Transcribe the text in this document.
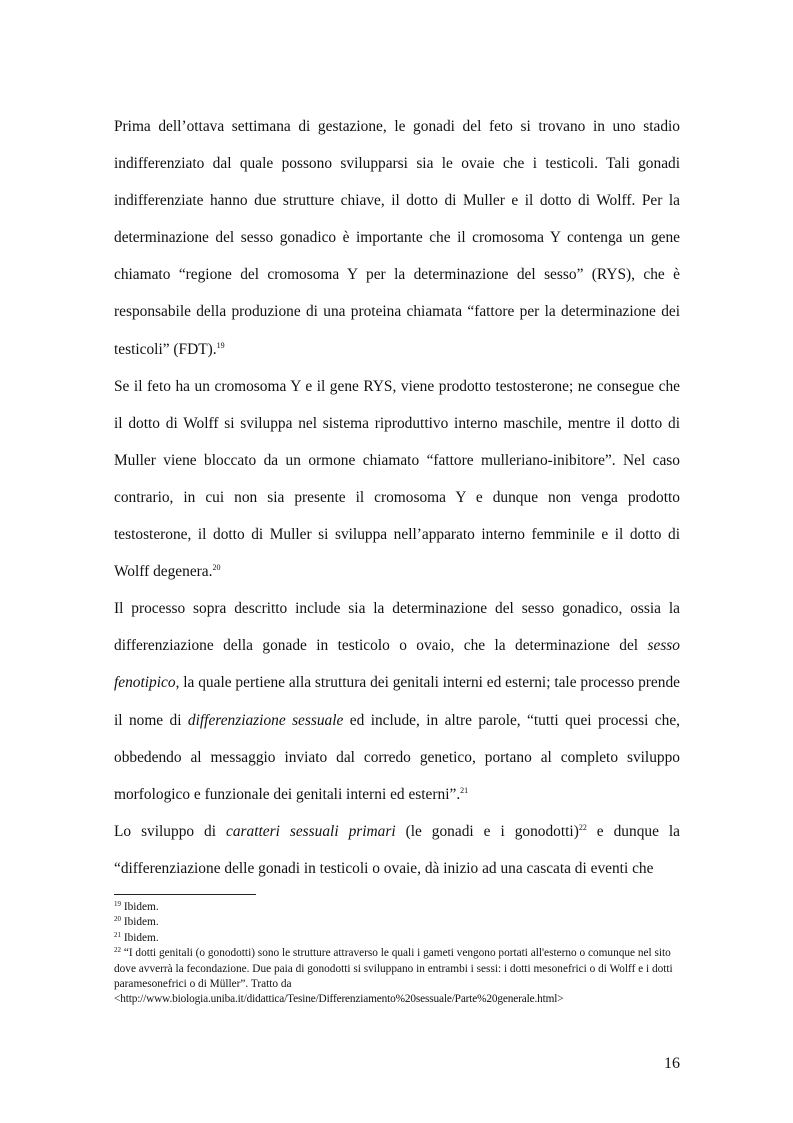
Prima dell’ottava settimana di gestazione, le gonadi del feto si trovano in uno stadio indifferenziato dal quale possono svilupparsi sia le ovaie che i testicoli. Tali gonadi indifferenziate hanno due strutture chiave, il dotto di Muller e il dotto di Wolff. Per la determinazione del sesso gonadico è importante che il cromosoma Y contenga un gene chiamato “regione del cromosoma Y per la determinazione del sesso” (RYS), che è responsabile della produzione di una proteina chiamata “fattore per la determinazione dei testicoli” (FDT).$^{19}$

Se il feto ha un cromosoma Y e il gene RYS, viene prodotto testosterone; ne consegue che il dotto di Wolff si sviluppa nel sistema riproduttivo interno maschile, mentre il dotto di Muller viene bloccato da un ormone chiamato “fattore mulleriano-inibitore”. Nel caso contrario, in cui non sia presente il cromosoma Y e dunque non venga prodotto testosterone, il dotto di Muller si sviluppa nell’apparato interno femminile e il dotto di Wolff degenera.$^{20}$

Il processo sopra descritto include sia la determinazione del sesso gonadico, ossia la differenziazione della gonade in testicolo o ovaio, che la determinazione del sesso fenotipico, la quale pertiene alla struttura dei genitali interni ed esterni; tale processo prende il nome di differenziazione sessuale ed include, in altre parole, “tutti quei processi che, obbedendo al messaggio inviato dal corredo genetico, portano al completo sviluppo morfologico e funzionale dei genitali interni ed esterni”.$^{21}$

Lo sviluppo di caratteri sessuali primari (le gonadi e i gonodotti)$^{22}$ e dunque la “differenziazione delle gonadi in testicoli o ovaie, dà inizio ad una cascata di eventi che

$^{19}$ Ibidem.

$^{20}$ Ibidem.

$^{21}$ Ibidem.

$^{22}$ “I dotti genitali (o gonodotti) sono le strutture attraverso le quali i gameti vengono portati all'esterno o comunque nel sito dove avverrà la fecondazione. Due paia di gonodotti si sviluppano in entrambi i sessi: i dotti mesonefrici o di Wolff e i dotti paramesonefrici o di Müller”. Tratto da
<http://www.biologia.uniba.it/didattica/Tesine/Differenziamento%20sessuale/Parte%20generale.html>

16
